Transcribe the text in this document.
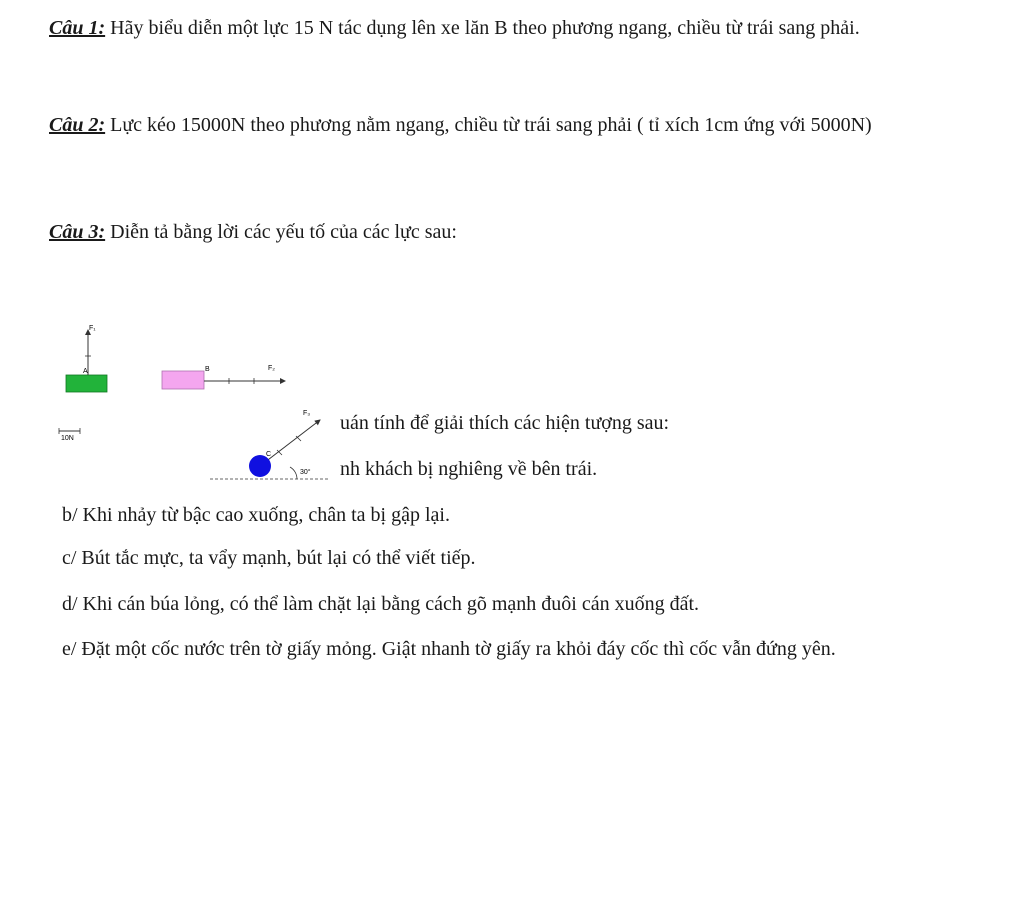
Câu 1: Hãy biểu diễn một lực 15 N tác dụng lên xe lăn B theo phương ngang, chiều từ trái sang phải.

Câu 2: Lực kéo 15000N theo phương nằm ngang, chiều từ trái sang phải ( tỉ xích 1cm ứng với 5000N)

Câu 3: Diễn tả bằng lời các yếu tố của các lực sau:

F₁
A	B	F₂
10N
C
F₃
30°
uán tính để giải thích các hiện tượng sau:
nh khách bị nghiêng về bên trái.
b/ Khi nhảy từ bậc cao xuống, chân ta bị gập lại.
c/ Bút tắc mực, ta vẩy mạnh, bút lại có thể viết tiếp.
d/ Khi cán búa lỏng, có thể làm chặt lại bằng cách gõ mạnh đuôi cán xuống đất.

e/ Đặt một cốc nước trên tờ giấy mỏng. Giật nhanh tờ giấy ra khỏi đáy cốc thì cốc vẫn đứng yên.
